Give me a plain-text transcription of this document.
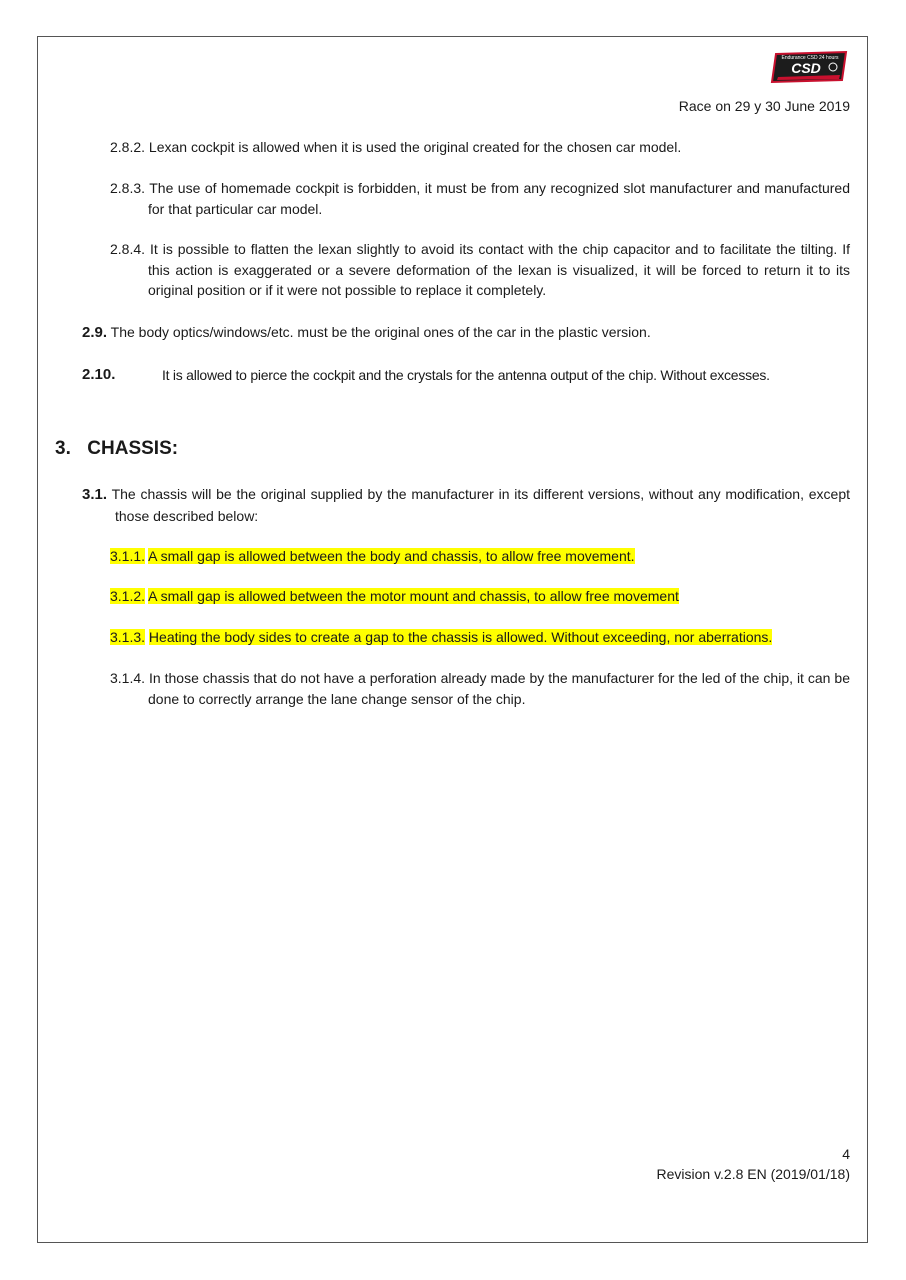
Endurance CSD 24 hours
CSD
Race on 29 y 30 June 2019
2.8.2. Lexan cockpit is allowed when it is used the original created for the chosen car model.
2.8.3. The use of homemade cockpit is forbidden, it must be from any recognized slot manufacturer and manufactured for that particular car model.
2.8.4. It is possible to flatten the lexan slightly to avoid its contact with the chip capacitor and to facilitate the tilting. If this action is exaggerated or a severe deformation of the lexan is visualized, it will be forced to return it to its original position or if it were not possible to replace it completely.
2.9. The body optics/windows/etc. must be the original ones of the car in the plastic version.
2.10.	It is allowed to pierce the cockpit and the crystals for the antenna output of the chip. Without excesses.
3. CHASSIS:
3.1. The chassis will be the original supplied by the manufacturer in its different versions, without any modification, except those described below:
3.1.1. A small gap is allowed between the body and chassis, to allow free movement.
3.1.2. A small gap is allowed between the motor mount and chassis, to allow free movement
3.1.3. Heating the body sides to create a gap to the chassis is allowed. Without exceeding, nor aberrations.
3.1.4. In those chassis that do not have a perforation already made by the manufacturer for the led of the chip, it can be done to correctly arrange the lane change sensor of the chip.
4
Revision v.2.8 EN (2019/01/18)
